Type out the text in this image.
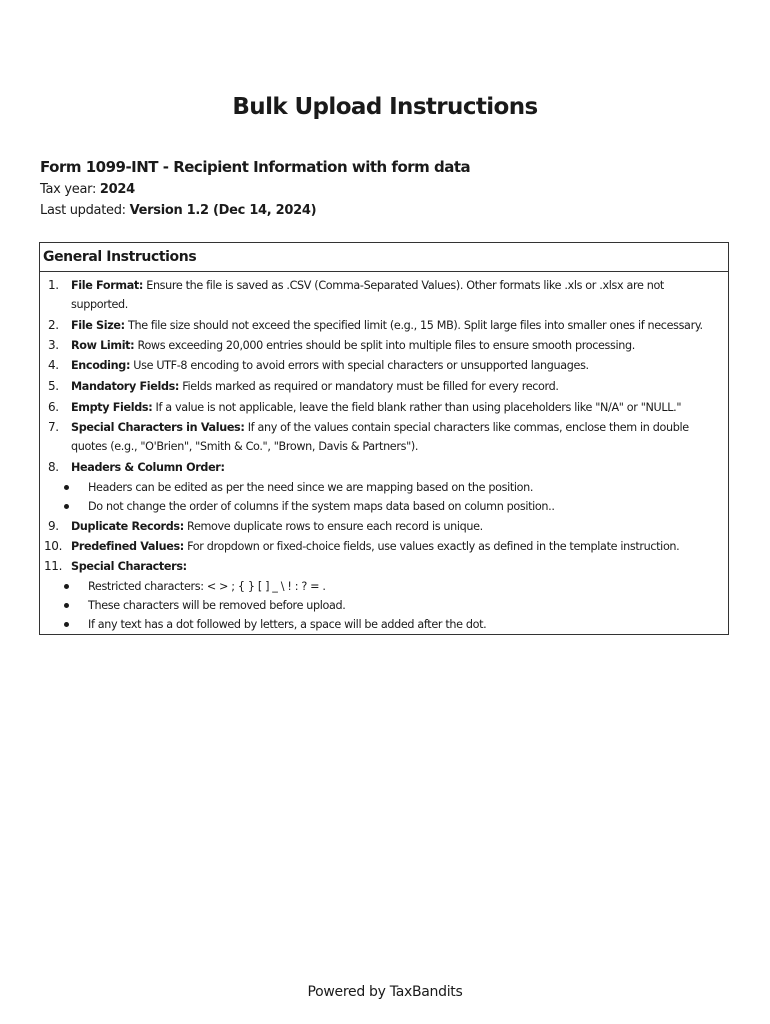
Bulk Upload Instructions
Form 1099-INT - Recipient Information with form data
Tax year: 2024
Last updated: Version 1.2 (Dec 14, 2024)
General Instructions
1.	File Format: Ensure the file is saved as .CSV (Comma-Separated Values). Other formats like .xls or .xlsx are not supported.
2.	File Size: The file size should not exceed the specified limit (e.g., 15 MB). Split large files into smaller ones if necessary.
3.	Row Limit: Rows exceeding 20,000 entries should be split into multiple files to ensure smooth processing.
4.	Encoding: Use UTF-8 encoding to avoid errors with special characters or unsupported languages.
5.	Mandatory Fields: Fields marked as required or mandatory must be filled for every record.
6.	Empty Fields: If a value is not applicable, leave the field blank rather than using placeholders like "N/A" or "NULL."
7.	Special Characters in Values: If any of the values contain special characters like commas, enclose them in double quotes (e.g., "O'Brien", "Smith & Co.", "Brown, Davis & Partners").
8.	Headers & Column Order:
Headers can be edited as per the need since we are mapping based on the position.
Do not change the order of columns if the system maps data based on column position..
9.	Duplicate Records: Remove duplicate rows to ensure each record is unique.
10. Predefined Values: For dropdown or fixed-choice fields, use values exactly as defined in the template instruction.
11. Special Characters:
Restricted characters: < > ; { } [ ] _ \ ! : ? = .
These characters will be removed before upload.
If any text has a dot followed by letters, a space will be added after the dot.
Powered by TaxBandits
